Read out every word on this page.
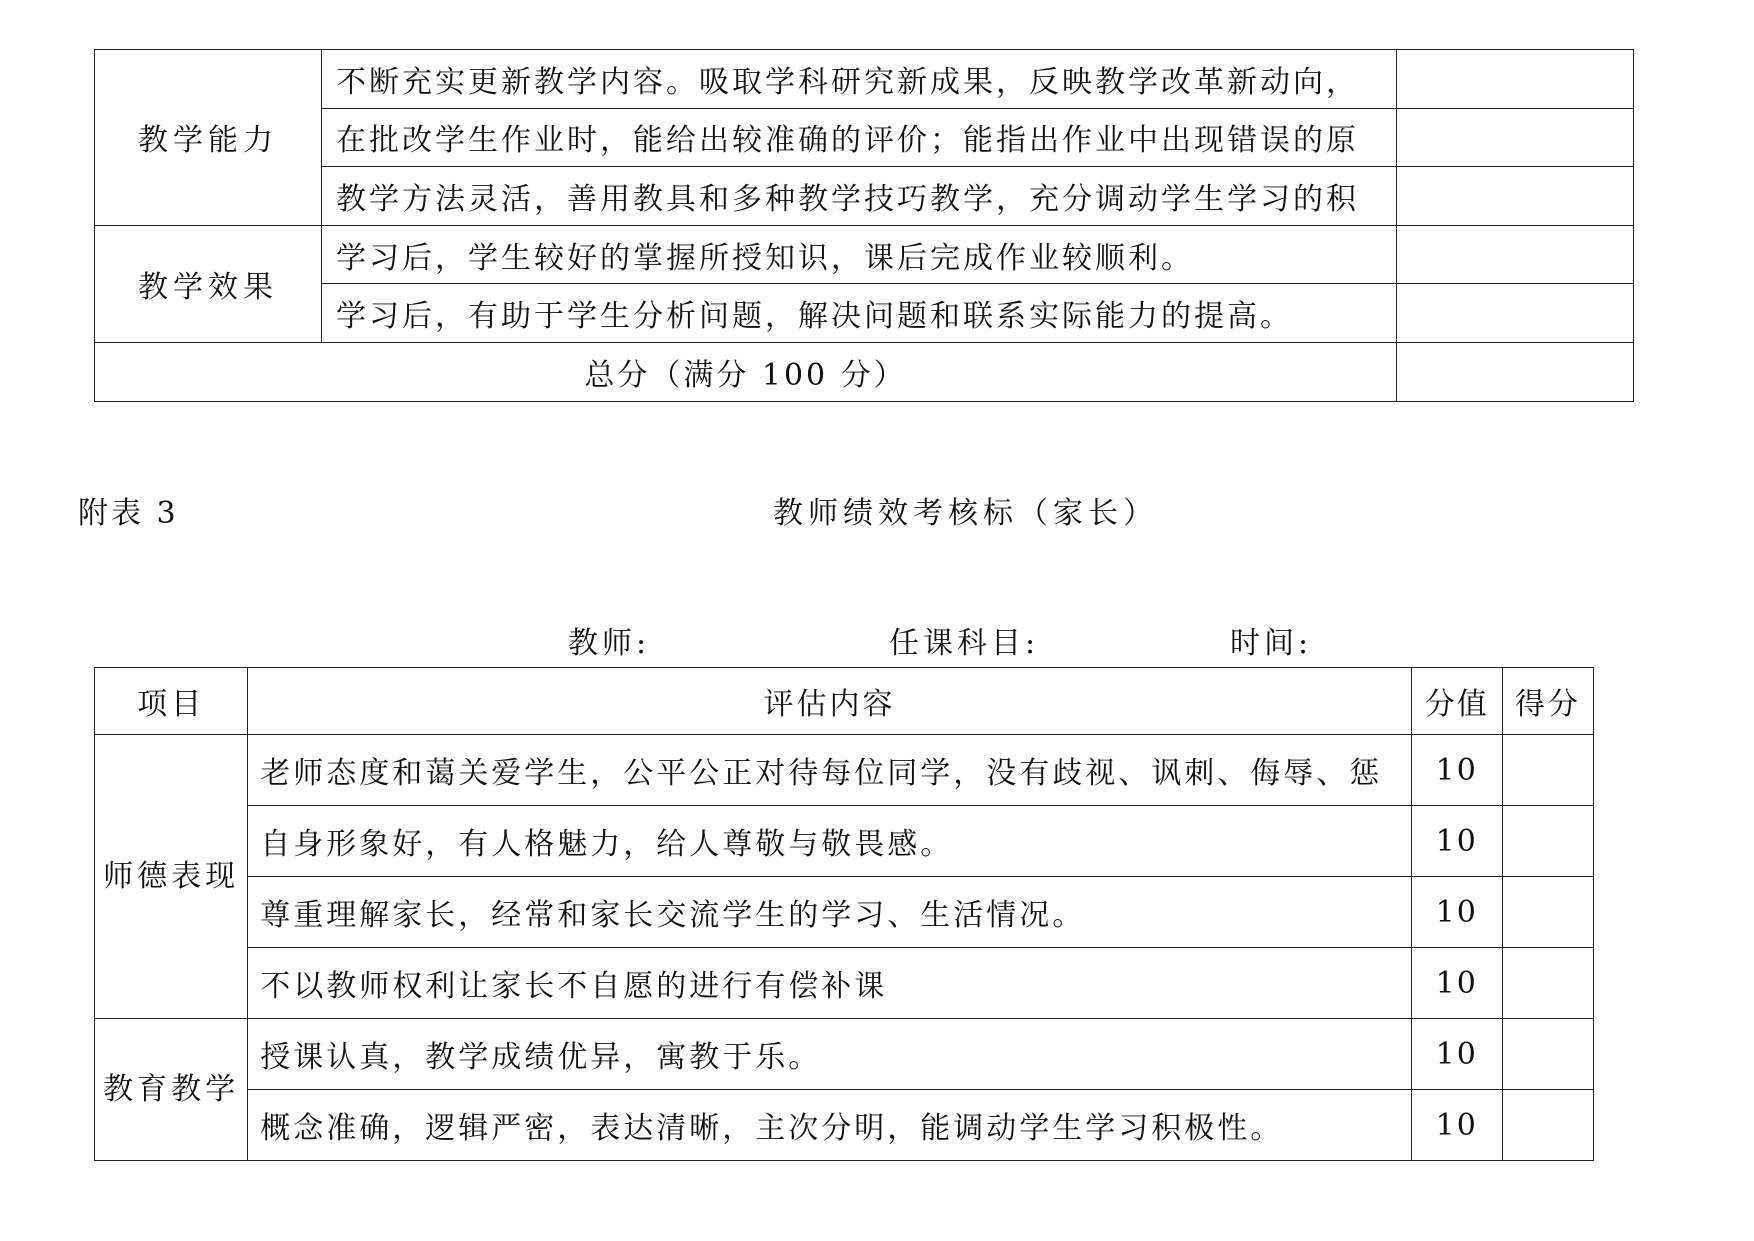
教学能力	不断充实更新教学内容。吸取学科研究新成果，反映教学改革新动向，	
	在批改学生作业时，能给出较准确的评价；能指出作业中出现错误的原	
	教学方法灵活，善用教具和多种教学技巧教学，充分调动学生学习的积	
教学效果	学习后，学生较好的掌握所授知识，课后完成作业较顺利。	
	学习后，有助于学生分析问题，解决问题和联系实际能力的提高。	
总分（满分 100 分）		
附表 3	教师绩效考核标（家长）
教师:	任课科目:	时间:
项目	评估内容	分值	得分
师德表现	老师态度和蔼关爱学生，公平公正对待每位同学，没有歧视、讽刺、侮辱、惩	10	
	自身形象好，有人格魅力，给人尊敬与敬畏感。	10	
	尊重理解家长，经常和家长交流学生的学习、生活情况。	10	
	不以教师权利让家长不自愿的进行有偿补课	10	
教育教学	授课认真，教学成绩优异，寓教于乐。	10	
	概念准确，逻辑严密，表达清晰，主次分明，能调动学生学习积极性。	10	
